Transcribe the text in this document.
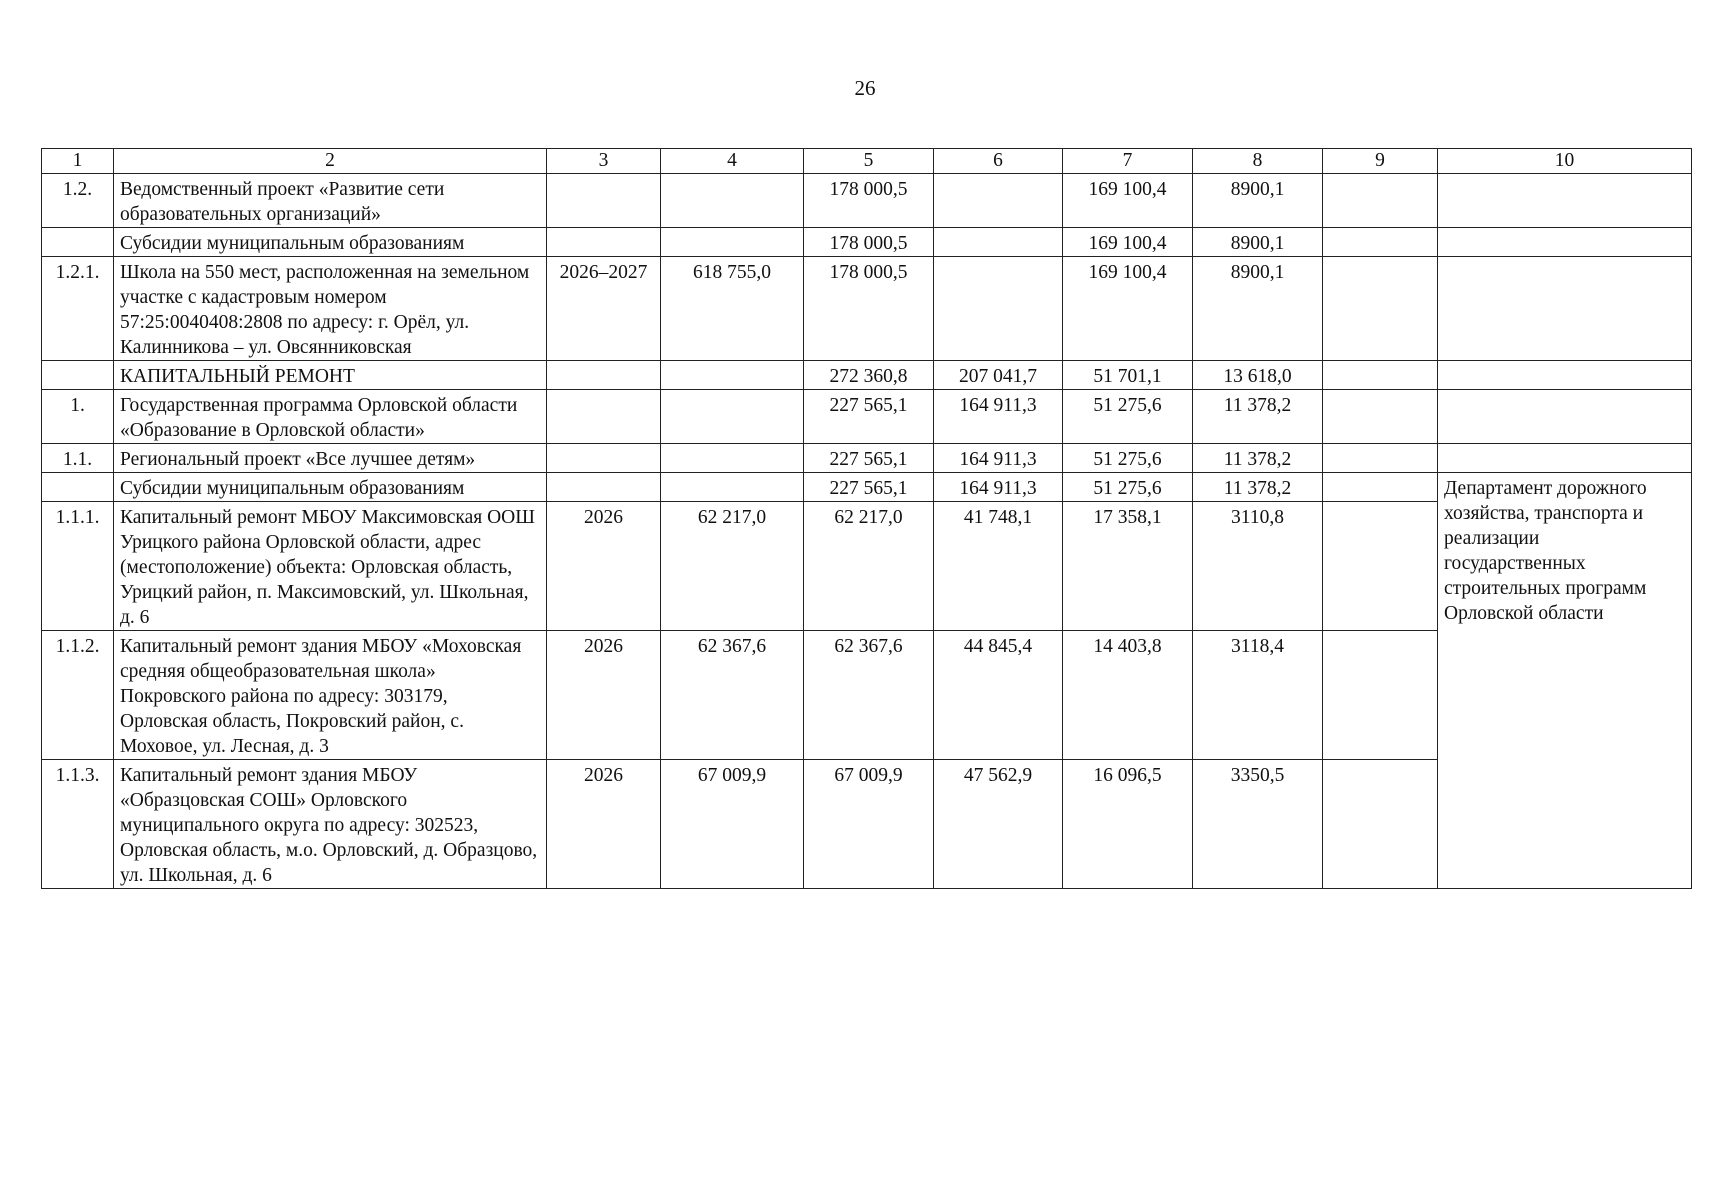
26
1	2	3	4	5	6	7	8	9	10
1.2.	Ведомственный проект «Развитие сети образовательных организаций»			178 000,5		169 100,4	8900,1		
	Субсидии муниципальным образованиям			178 000,5		169 100,4	8900,1		
1.2.1.	Школа на 550 мест, расположенная на земельном участке с кадастровым номером 57:25:0040408:2808 по адресу: г. Орёл, ул. Калинникова – ул. Овсянниковская	2026–2027	618 755,0	178 000,5		169 100,4	8900,1		
	КАПИТАЛЬНЫЙ РЕМОНТ			272 360,8	207 041,7	51 701,1	13 618,0		
1.	Государственная программа Орловской области «Образование в Орловской области»			227 565,1	164 911,3	51 275,6	11 378,2		
1.1.	Региональный проект «Все лучшее детям»			227 565,1	164 911,3	51 275,6	11 378,2		
	Субсидии муниципальным образованиям			227 565,1	164 911,3	51 275,6	11 378,2		Департамент дорожного хозяйства, транспорта и реализации государственных строительных программ Орловской области
1.1.1.	Капитальный ремонт МБОУ Максимовская ООШ Урицкого района Орловской области, адрес (местоположение) объекта: Орловская область, Урицкий район, п. Максимовский, ул. Школьная, д. 6	2026	62 217,0	62 217,0	41 748,1	17 358,1	3110,8		
1.1.2.	Капитальный ремонт здания МБОУ «Моховская средняя общеобразовательная школа» Покровского района по адресу: 303179, Орловская область, Покровский район, с. Моховое, ул. Лесная, д. 3	2026	62 367,6	62 367,6	44 845,4	14 403,8	3118,4		
1.1.3.	Капитальный ремонт здания МБОУ «Образцовская СОШ» Орловского муниципального округа по адресу: 302523, Орловская область, м.о. Орловский, д. Образцово, ул. Школьная, д. 6	2026	67 009,9	67 009,9	47 562,9	16 096,5	3350,5		
